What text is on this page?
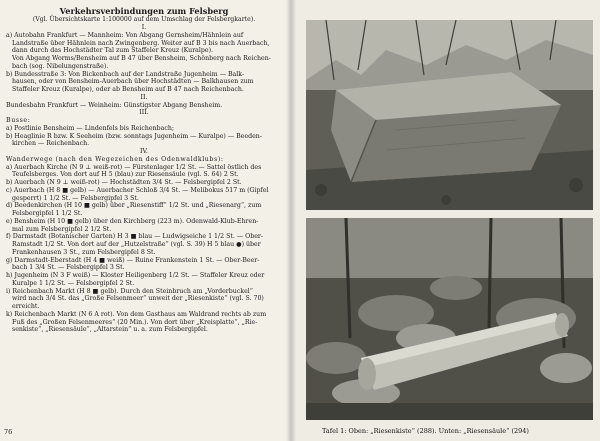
Verkehrsverbindungen zum Felsberg
(Vgl. Übersichtskarte 1:100000 auf dem Umschlag der Felsbergkarte).
I.
a) Autobahn Frankfurt — Mannheim: Von Abgang Gernsheim/Hähnlein auf
Landstraße über Hähnlein nach Zwingenberg. Weiter auf B 3 bis nach Auerbach,
dann durch das Hochstädter Tal zum Staffeler Kreuz (Kuralpe).
Von Abgang Worms/Bensheim auf B 47 über Bensheim, Schönberg nach Reichen-
bach (sog. Nibelungenstraße).
b) Bundesstraße 3: Von Bickenbach auf der Landstraße Jugenheim — Balk-
hausen, oder von Bensheim-Auerbach über Hochstädten — Balkhausen zum
Staffeler Kreuz (Kuralpe), oder ab Bensheim auf B 47 nach Reichenbach.
II.
Bundesbahn Frankfurt — Weinheim: Günstigster Abgang Bensheim.
III.
Busse:
a) Postlinie Bensheim — Lindenfels bis Reichenbach;
b) Heaglinie R bzw. K Seeheim (bzw. sonntags Jugenheim — Kuralpe) — Beeden-
kirchen — Reichenbach.
IV.
Wanderwege (nach den Wegezeichen des Odenwaldklubs):
a) Auerbach Kirche (N 9 ⊥ weiß-rot) — Fürstenlager 1/2 St. — Sattel östlich des
Teufelsberges. Von dort auf H 5 (blau) zur Riesensäule (vgl. S. 64) 2 St.
b) Auerbach (N 9 ⊥ weiß-rot) — Hochstädten 3/4 St. — Felsbergipfel 2 St.
c) Auerbach (H 8 ■ gelb) — Auerbacher Schloß 3/4 St. — Melibokus 517 m (Gipfel
gesperrt) 1 1/2 St. — Felsbergipfel 3 St.
d) Beedenkirchen (H 10 ■ gelb) über „Riesenstiff“ 1/2 St. und „Riesenarg“, zum
Felsbergipfel 1 1/2 St.
e) Bensheim (H 10 ■ gelb) über den Kirchberg (223 m). Odenwald-Klub-Ehren-
mal zum Felsbergipfel 2 1/2 St.
f) Darmstadt (Botanischer Garten) H 3 ■ blau — Ludwigseiche 1 1/2 St. — Ober-
Ramstadt 1/2 St. Von dort auf der „Hutzelstraße“ (vgl. S. 39) H 5 blau ●) über
Frankenhausen 3 St., zum Felsbergipfel 8 St.
g) Darmstadt-Eberstadt (H 4 ■ weiß) — Ruine Frankenstein 1 St. — Ober-Beer-
bach 1 3/4 St. — Felsbergipfel 3 St.
h) Jugenheim (N 3 F weiß) — Kloster Heiligenberg 1/2 St. — Staffeler Kreuz oder
Kuralpe 1 1/2 St. — Felsbergipfel 2 St.
i) Reichenbach Markt (H 8 ■ gelb). Durch den Steinbruch am „Vorderbuckel“
wird nach 3/4 St. das „Große Felsenmeer“ unweit der „Riesenkiste“ (vgl. S. 70)
erreicht.
k) Reichenbach Markt (N 6 A rot). Von dem Gasthaus am Waldrand rechts ab zum
Fuß des „Großen Felsenmeeres“ (20 Min.). Von dort über „Kreisplatte“, „Rie-
senkiste“, „Riesensäule“, „Altarstein“ u. a. zum Felsbergipfel.
76	Tafel 1: Oben: „Riesenkiste“ (288). Unten: „Riesensäule“ (294)
